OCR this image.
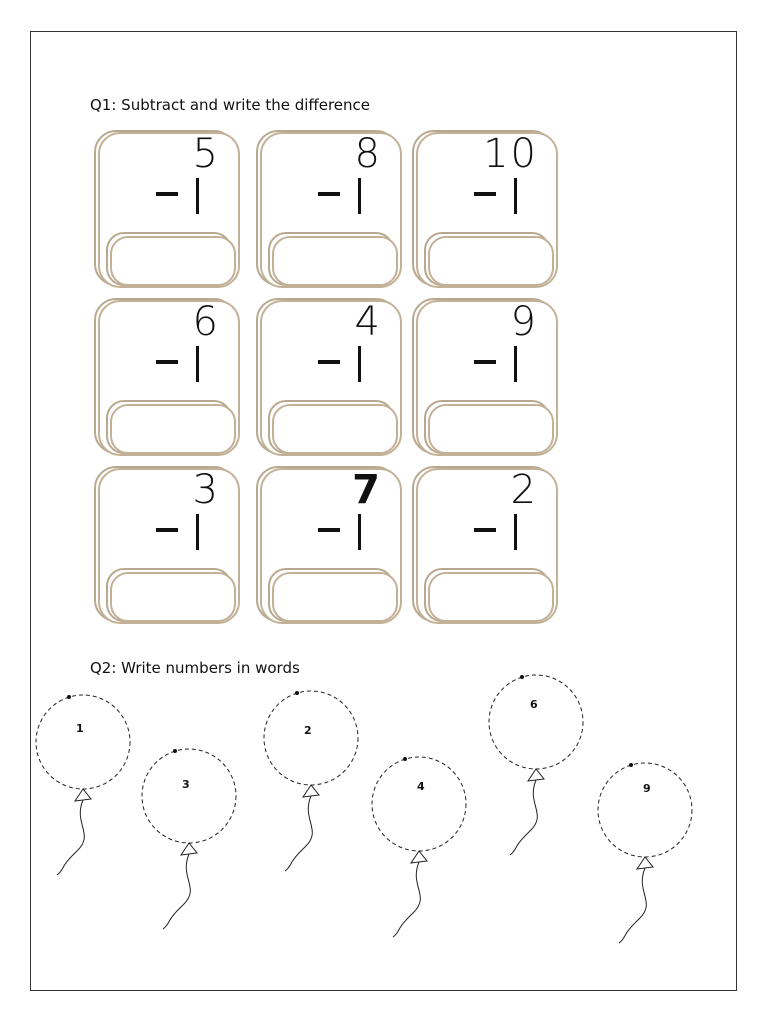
Q1: Subtract and write the difference
5	8	10
6	4	9
3	7	2
Q2: Write numbers in words
1
3
2
4
6
9
